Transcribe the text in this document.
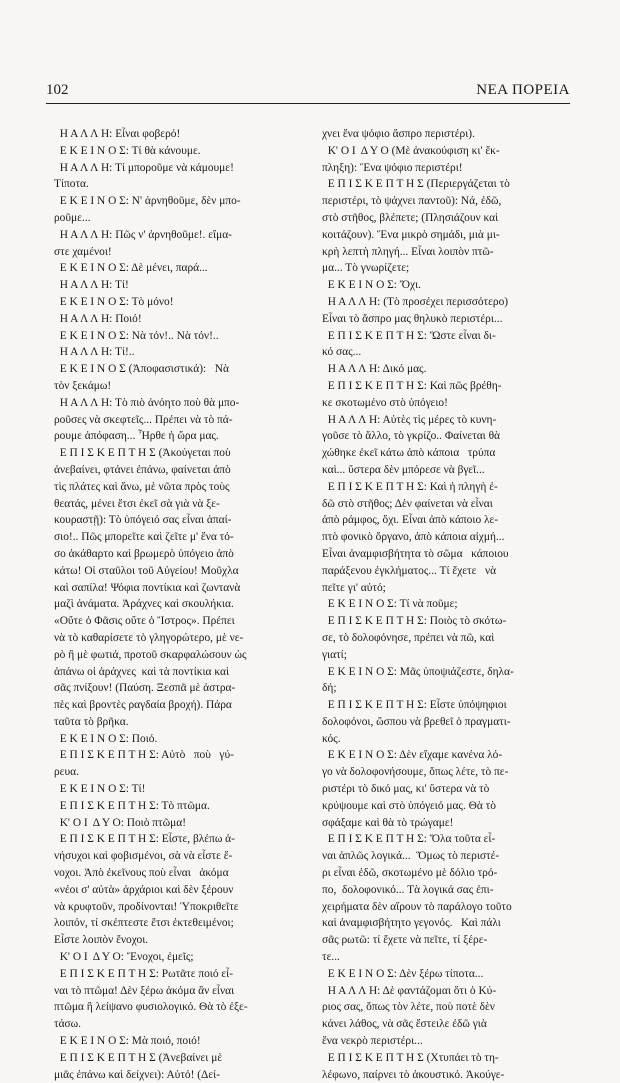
102	ΝΕΑ ΠΟΡΕΙΑ
Η Α Λ Λ Η: Εἶναι φοβερό!
Ε Κ Ε Ι Ν Ο Σ: Τί θὰ κάνουμε.
Η Α Λ Λ Η: Τί μποροῦμε νὰ κάμουμε!
Τίποτα.
Ε Κ Ε Ι Ν Ο Σ: Ν' ἀρνηθοῦμε, δὲν μπο-
ροῦμε...
Η Α Λ Λ Η: Πῶς ν' ἀρνηθοῦμε!. εἴμα-
στε χαμένοι!
Ε Κ Ε Ι Ν Ο Σ: Δὲ μένει, παρά...
Η Α Λ Λ Η: Τί!
Ε Κ Ε Ι Ν Ο Σ: Τὸ μόνο!
Η Α Λ Λ Η: Ποιό!
Ε Κ Ε Ι Ν Ο Σ: Νὰ τόν!.. Νὰ τόν!..
Η Α Λ Λ Η: Τί!..
Ε Κ Ε Ι Ν Ο Σ (Ἀποφασιστικά):   Νὰ
τὸν ξεκάμω!
Η Α Λ Λ Η: Τὸ πιὸ ἀνόητο ποὺ θὰ μπο-
ροῦσες νὰ σκεφτεῖς... Πρέπει νὰ τὸ πά-
ρουμε ἀπόφαση... Ἦρθε ἡ ὥρα μας.
Ε Π Ι Σ Κ Ε Π Τ Η Σ (Ἀκούγεται ποὺ
ἀνεβαίνει, φτάνει ἐπάνω, φαίνεται ἀπὸ
τὶς πλάτες καὶ ἄνω, μὲ νῶτα πρὸς τοὺς
θεατάς, μένει ἔτσι ἐκεῖ σὰ γιὰ νὰ ξε-
κουραστῇ): Τὸ ὑπόγειό σας εἶναι ἀπαί-
σιο!.. Πῶς μπορεῖτε καὶ ζεῖτε μ' ἕνα τό-
σο ἀκάθαρτο καὶ βρωμερὸ ὑπόγειο ἀπὸ
κάτω! Οἱ σταῦλοι τοῦ Αὐγείου! Μοῦχλα
καὶ σαπίλα! Ψόφια ποντίκια καὶ ζωντανὰ
μαζὶ ἀνάματα. Ἀράχνες καὶ σκουλήκια.
«Οὔτε ὁ Φᾶσις οὔτε ὁ Ἴστρος». Πρέπει
νὰ τὸ καθαρίσετε τὸ γληγορώτερο, μὲ νε-
ρὸ ἢ μὲ φωτιά, προτοῦ σκαρφαλώσουν ὡς
ἀπάνω οἱ ἀράχνες  καὶ τὰ ποντίκια καὶ
σᾶς πνίξουν! (Παύση. Ξεσπᾶ μὲ ἀστρα-
πὲς καὶ βροντὲς ραγδαία βροχή). Πάρα
ταῦτα τὸ βρῆκα.
Ε Κ Ε Ι Ν Ο Σ: Ποιό.
Ε Π Ι Σ Κ Ε Π Τ Η Σ: Αὐτὸ   ποὺ   γύ-
ρευα.
Ε Κ Ε Ι Ν Ο Σ: Τί!
Ε Π Ι Σ Κ Ε Π Τ Η Σ: Τὸ πτῶμα.
Κ' Ο Ι  Δ Υ Ο: Ποιὸ πτῶμα!
Ε Π Ι Σ Κ Ε Π Τ Η Σ: Εἶστε, βλέπω ἀ-
νήσυχοι καὶ φοβισμένοι, σὰ νὰ εἶστε ἔ-
νοχοι. Ἀπὸ ἐκεῖνους ποὺ εἶναι   ἀκόμα
«νέοι σ' αὐτὰ» ἀρχάριοι καὶ δὲν ξέρουν
νὰ κρυφτοῦν, προδίνονται! Ὑποκριθεῖτε
λοιπόν, τί σκέπτεστε ἔτσι ἐκτεθειμένοι;
Εἶστε λοιπὸν ἔνοχοι.
Κ' Ο Ι  Δ Υ Ο: Ἔνοχοι, ἐμεῖς;
Ε Π Ι Σ Κ Ε Π Τ Η Σ: Ρωτᾶτε ποιό εἶ-
ναι τὸ πτῶμα! Δὲν ξέρω ἀκόμα ἂν εἶναι
πτῶμα ἢ λείψανο φυσιολογικό. Θὰ τὸ ἐξε-
τάσω.
Ε Κ Ε Ι Ν Ο Σ: Μὰ ποιό, ποιό!
Ε Π Ι Σ Κ Ε Π Τ Η Σ (Ἀνεβαίνει μὲ
μιᾶς ἐπάνω καὶ δείχνει): Αὐτό! (Δεί-
χνει ἕνα ψόφιο ἄσπρο περιστέρι).
Κ' Ο Ι  Δ Υ Ο (Μὲ ἀνακούφιση κι' ἔκ-
πληξη): Ἕνα ψόφιο περιστέρι!
Ε Π Ι Σ Κ Ε Π Τ Η Σ (Περιεργάζεται τὸ
περιστέρι, τὸ ψάχνει παντοῦ): Νά, ἐδῶ,
στὸ στῆθος, βλέπετε; (Πλησιάζουν καὶ
κοιτάζουν). Ἕνα μικρὸ σημάδι, μιὰ μι-
κρὴ λεπτὴ πληγή... Εἶναι λοιπὸν πτῶ-
μα... Τὸ γνωρίζετε;
Ε Κ Ε Ι Ν Ο Σ: Ὄχι.
Η Α Λ Λ Η: (Τὸ προσέχει περισσότερο)
Εἶναι τὸ ἄσπρο μας θηλυκὸ περιστέρι...
Ε Π Ι Σ Κ Ε Π Τ Η Σ: Ὥστε εἶναι δι-
κό σας...
Η Α Λ Λ Η: Δικό μας.
Ε Π Ι Σ Κ Ε Π Τ Η Σ: Καὶ πῶς βρέθη-
κε σκοτωμένο στὸ ὑπόγειο!
Η Α Λ Λ Η: Αὐτὲς τὶς μέρες τὸ κυνη-
γοῦσε τὸ ἄλλο, τὸ γκρίζο.. Φαίνεται θὰ
χώθηκε ἐκεῖ κάτω ἀπὸ κάποια   τρύπα
καὶ... ὕστερα δὲν μπόρεσε νὰ βγεῖ...
Ε Π Ι Σ Κ Ε Π Τ Η Σ: Καὶ ἡ πληγὴ ἐ-
δῶ στὸ στῆθος; Δὲν φαίνεται νὰ εἶναι
ἀπὸ ράμφος, ὄχι. Εἶναι ἀπὸ κάποιο λε-
πτὸ φονικὸ ὄργανο, ἀπὸ κάποια αἰχμή...
Εἶναι ἀναμφισβήτητα τὸ σῶμα   κάποιου
παράξενου ἐγκλήματος... Τί ἔχετε   νὰ
πεῖτε γι' αὐτό;
Ε Κ Ε Ι Ν Ο Σ: Τί νὰ ποῦμε;
Ε Π Ι Σ Κ Ε Π Τ Η Σ: Ποιὸς τὸ σκότω-
σε, τὸ δολοφόνησε, πρέπει νὰ πῶ, καὶ
γιατί;
Ε Κ Ε Ι Ν Ο Σ: Μᾶς ὑποψιάζεστε, δηλα-
δή;
Ε Π Ι Σ Κ Ε Π Τ Η Σ: Εἶστε ὑπόψηφιοι
δολοφόνοι, ὥσπου νὰ βρεθεῖ ὁ πραγματι-
κός.
Ε Κ Ε Ι Ν Ο Σ: Δὲν εἴχαμε κανένα λό-
γο νὰ δολοφονήσουμε, ὅπως λέτε, τὸ πε-
ριστέρι τὸ δικό μας, κι' ὕστερα νὰ τὸ
κρύψουμε καὶ στὸ ὑπόγειό μας. Θὰ τὸ
σφάξαμε καὶ θὰ τὸ τρώγαμε!
Ε Π Ι Σ Κ Ε Π Τ Η Σ: Ὅλα τοῦτα εἶ-
ναι ἁπλῶς λογικά...  Ὅμως τὸ περιστέ-
ρι εἶναι ἐδῶ, σκοτωμένο μὲ δόλιο τρό-
πο,  δολοφονικό... Τὰ λογικά σας ἐπι-
χειρήματα δὲν αἴρουν τὸ παράλογο τοῦτο
καὶ ἀναμφισβήτητο γεγονός.   Καὶ πάλι
σᾶς ρωτῶ: τί ἔχετε νὰ πεῖτε, τί ξέρε-
τε...
Ε Κ Ε Ι Ν Ο Σ: Δὲν ξέρω τίποτα...
Η Α Λ Λ Η: Δὲ φαντάζομαι ὅτι ὁ Κύ-
ριος σας, ὅπως τὸν λέτε, ποὺ ποτὲ δὲν
κάνει λάθος, νὰ σᾶς ἔστειλε ἐδῶ γιὰ
ἕνα νεκρὸ περιστέρι...
Ε Π Ι Σ Κ Ε Π Τ Η Σ (Χτυπάει τὸ τη-
λέφωνο, παίρνει τὸ ἀκουστικό. Ἀκούγε-
